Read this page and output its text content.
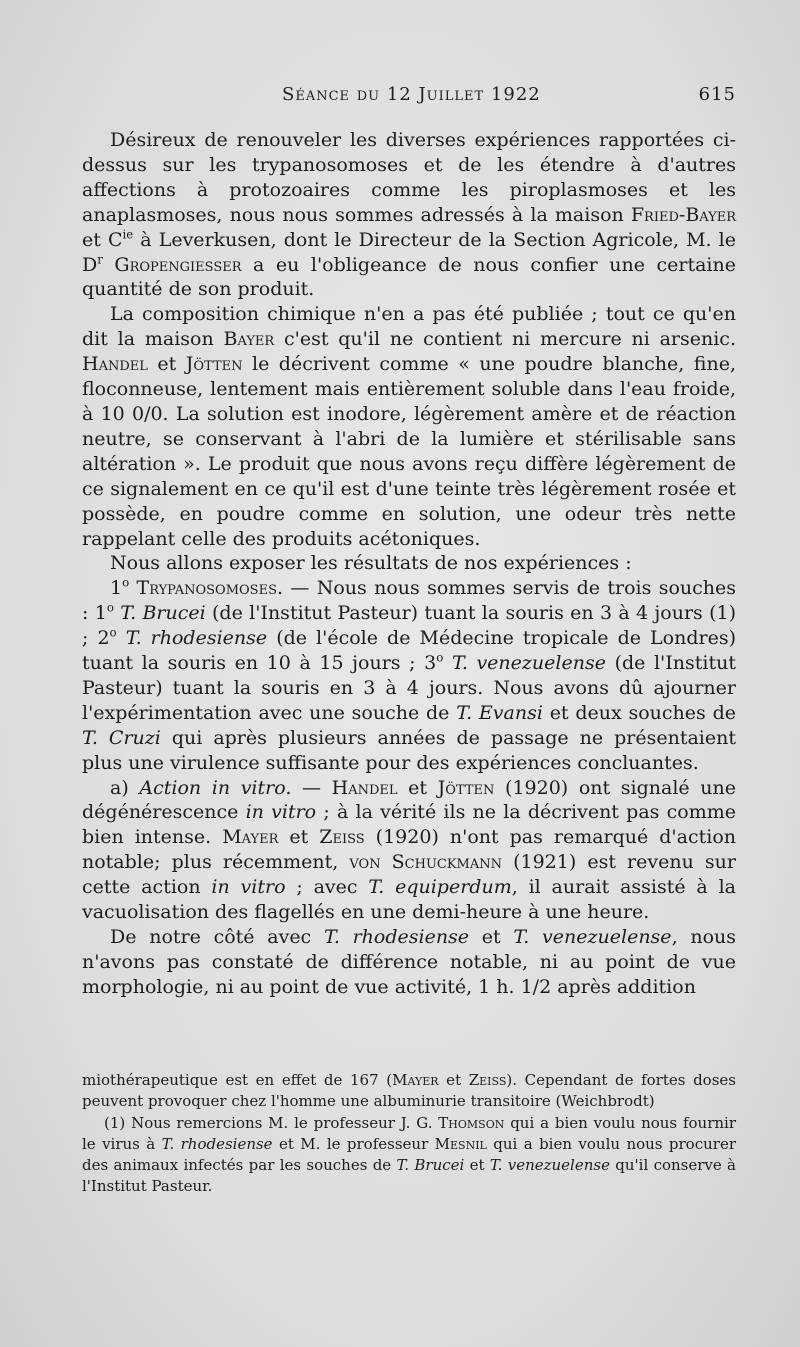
Séance du 12 Juillet 1922	615

Désireux de renouveler les diverses expériences rapportées ci-dessus sur les trypanosomoses et de les étendre à d'autres affections à protozoaires comme les piroplasmoses et les anaplasmoses, nous nous sommes adressés à la maison Fried-Bayer et $C^{ie}$ à Leverkusen, dont le Directeur de la Section Agricole, M. le $D^r$ Gropengiesser a eu l'obligeance de nous confier une certaine quantité de son produit.

La composition chimique n'en a pas été publiée ; tout ce qu'en dit la maison Bayer c'est qu'il ne contient ni mercure ni arsenic. Handel et Jötten le décrivent comme « une poudre blanche, fine, floconneuse, lentement mais entièrement soluble dans l'eau froide, à 10 0/0. La solution est inodore, légèrement amère et de réaction neutre, se conservant à l'abri de la lumière et stérilisable sans altération ». Le produit que nous avons reçu diffère légèrement de ce signalement en ce qu'il est d'une teinte très légèrement rosée et possède, en poudre comme en solution, une odeur très nette rappelant celle des produits acétoniques.

Nous allons exposer les résultats de nos expériences :

1$^o$ Trypanosomoses. — Nous nous sommes servis de trois souches : 1$^o$ T. Brucei (de l'Institut Pasteur) tuant la souris en 3 à 4 jours (1) ; 2$^o$ T. rhodesiense (de l'école de Médecine tropicale de Londres) tuant la souris en 10 à 15 jours ; 3$^o$ T. venezuelense (de l'Institut Pasteur) tuant la souris en 3 à 4 jours. Nous avons dû ajourner l'expérimentation avec une souche de T. Evansi et deux souches de T. Cruzi qui après plusieurs années de passage ne présentaient plus une virulence suffisante pour des expériences concluantes.

a) Action in vitro. — Handel et Jötten (1920) ont signalé une dégénérescence in vitro ; à la vérité ils ne la décrivent pas comme bien intense. Mayer et Zeiss (1920) n'ont pas remarqué d'action notable; plus récemment, von Schuckmann (1921) est revenu sur cette action in vitro ; avec T. equiperdum, il aurait assisté à la vacuolisation des flagellés en une demi-heure à une heure.

De notre côté avec T. rhodesiense et T. venezuelense, nous n'avons pas constaté de différence notable, ni au point de vue morphologie, ni au point de vue activité, 1 h. 1/2 après addition

miothérapeutique est en effet de 167 (Mayer et Zeiss). Cependant de fortes doses peuvent provoquer chez l'homme une albuminurie transitoire (Weichbrodt)

(1) Nous remercions M. le professeur J. G. Thomson qui a bien voulu nous fournir le virus à T. rhodesiense et M. le professeur Mesnil qui a bien voulu nous procurer des animaux infectés par les souches de T. Brucei et T. venezuelense qu'il conserve à l'Institut Pasteur.
